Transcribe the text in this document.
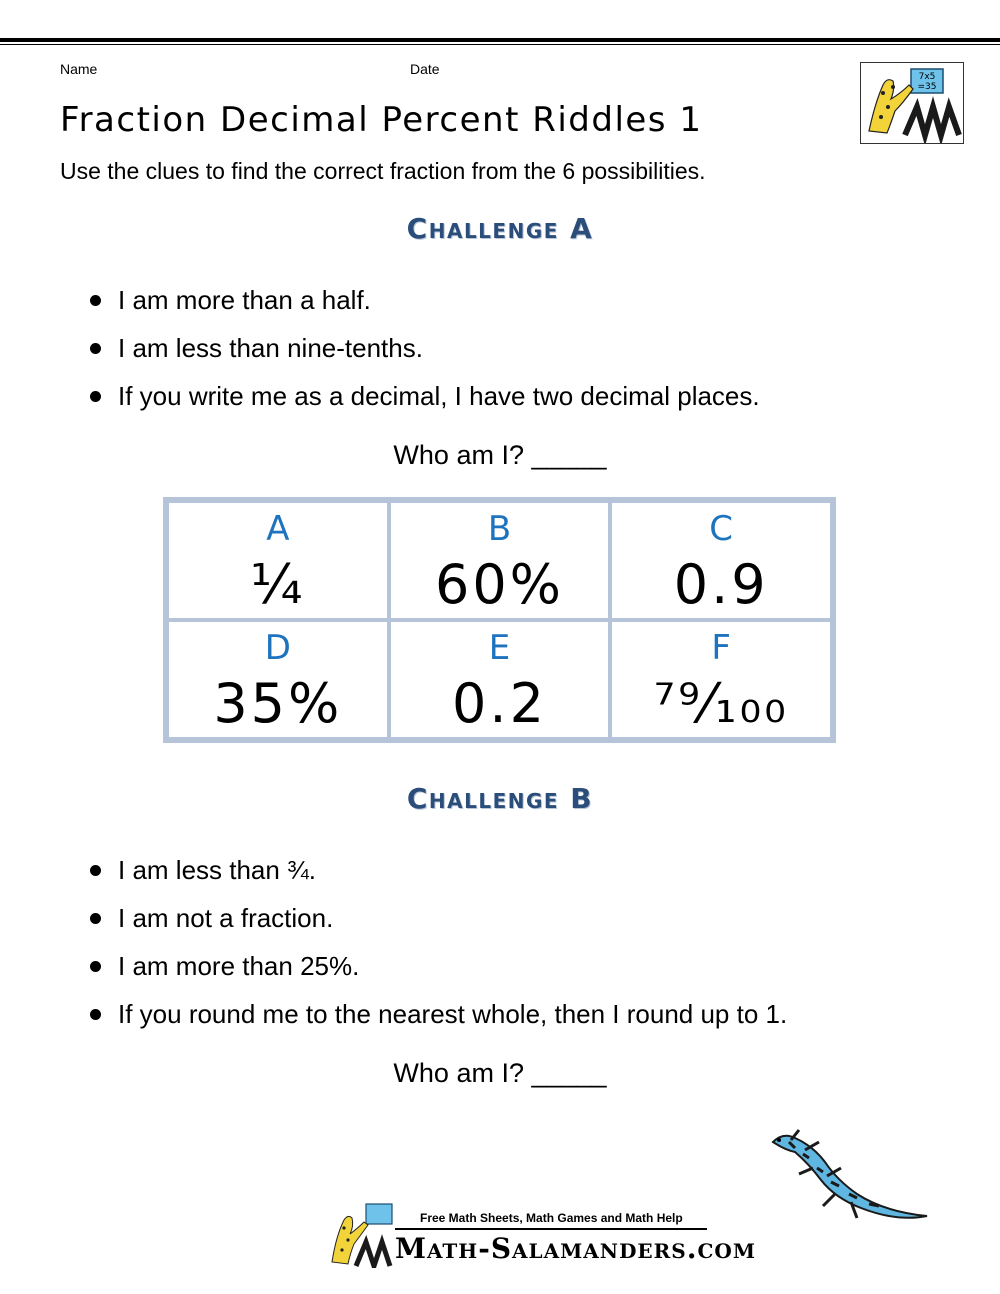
Name	Date	7x5
=35
Fraction Decimal Percent Riddles 1
Use the clues to find the correct fraction from the 6 possibilities.
Challenge A
I am more than a half.
I am less than nine-tenths.
If you write me as a decimal, I have two decimal places.
Who am I? _____
A
¼
B
60%
C
0.9
D
35%
E
0.2
F
⁷⁹⁄₁₀₀
Challenge B
I am less than ¾.
I am not a fraction.
I am more than 25%.
If you round me to the nearest whole, then I round up to 1.
Who am I? _____
Free Math Sheets, Math Games and Math Help
Math-Salamanders.com
